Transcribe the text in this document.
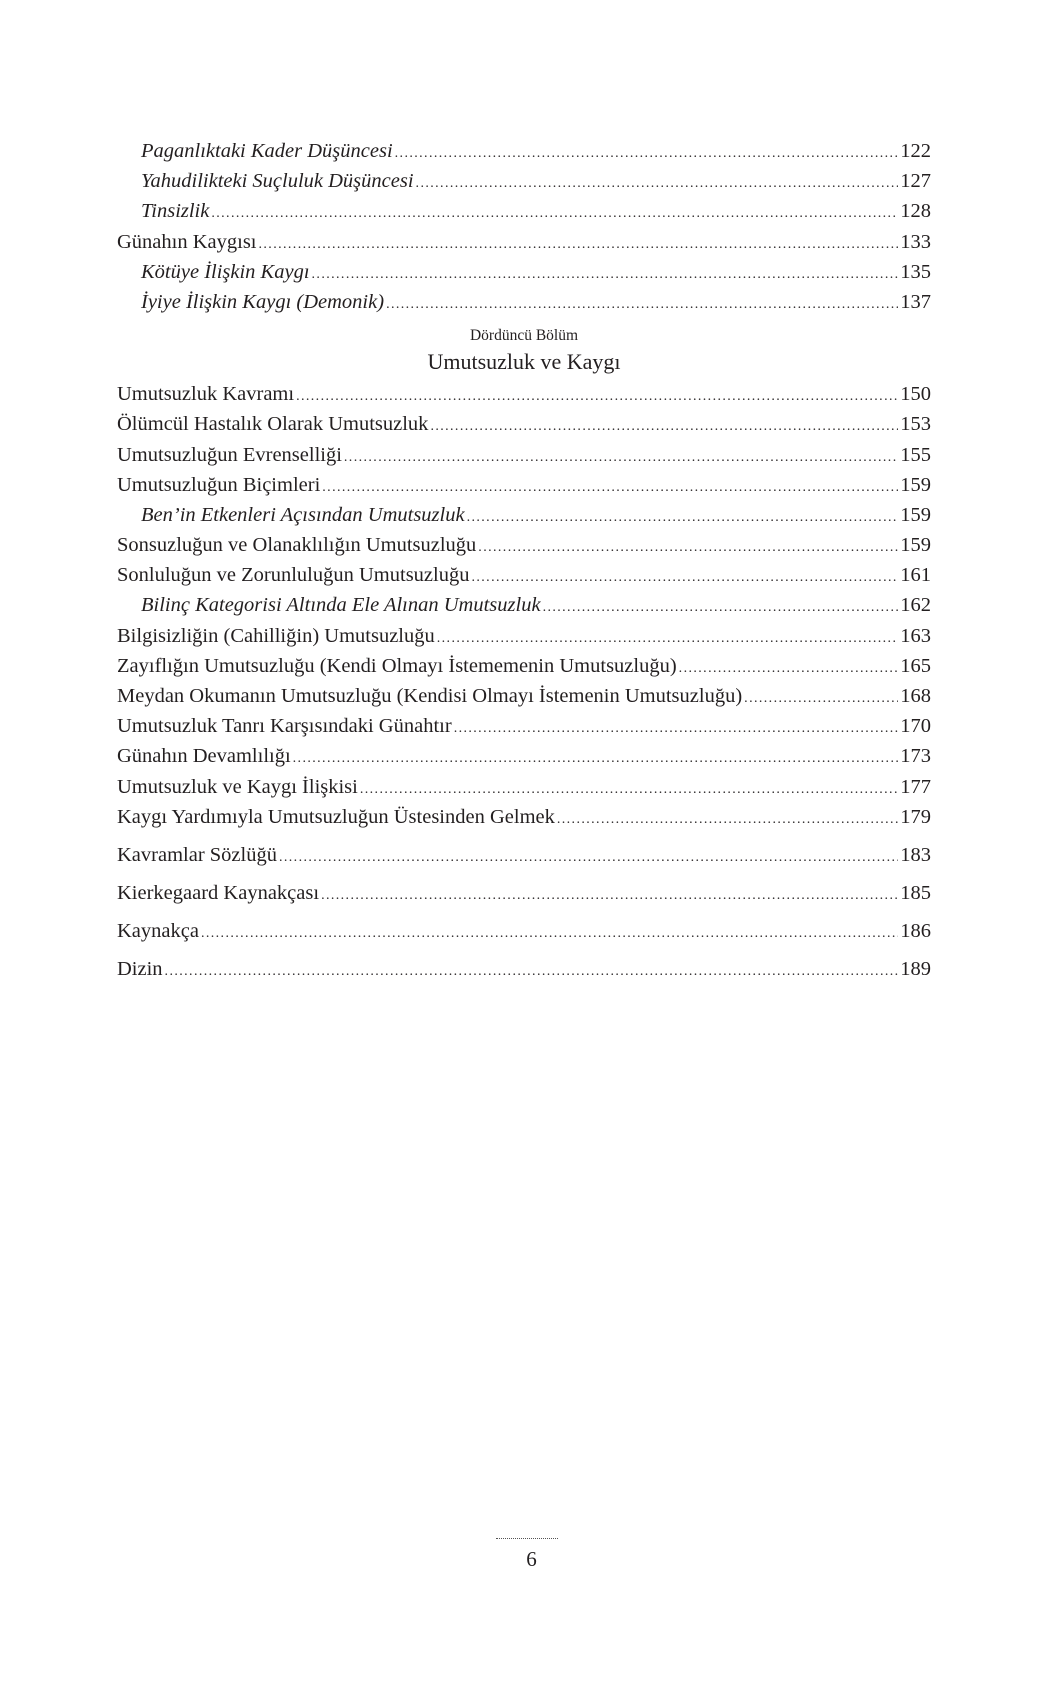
Paganlıktaki Kader Düşüncesi .....	122
Yahudilikteki Suçluluk Düşüncesi .....	127
Tinsizlik .....	128
Günahın Kaygısı .....	133
Kötüye İlişkin Kaygı .....	135
İyiye İlişkin Kaygı (Demonik) .....	137
Dördüncü Bölüm
Umutsuzluk ve Kaygı
Umutsuzluk Kavramı .....	150
Ölümcül Hastalık Olarak Umutsuzluk .....	153
Umutsuzluğun Evrenselliği .....	155
Umutsuzluğun Biçimleri .....	159
Ben’in Etkenleri Açısından Umutsuzluk .....	159
Sonsuzluğun ve Olanaklılığın Umutsuzluğu .....	159
Sonluluğun ve Zorunluluğun Umutsuzluğu .....	161
Bilinç Kategorisi Altında Ele Alınan Umutsuzluk .....	162
Bilgisizliğin (Cahilliğin) Umutsuzluğu .....	163
Zayıflığın Umutsuzluğu (Kendi Olmayı İstememenin Umutsuzluğu) .....	165
Meydan Okumanın Umutsuzluğu (Kendisi Olmayı İstemenin Umutsuzluğu) .....	168
Umutsuzluk Tanrı Karşısındaki Günahtır .....	170
Günahın Devamlılığı .....	173
Umutsuzluk ve Kaygı İlişkisi .....	177
Kaygı Yardımıyla Umutsuzluğun Üstesinden Gelmek .....	179
Kavramlar Sözlüğü .....	183
Kierkegaard Kaynakçası .....	185
Kaynakça .....	186
Dizin .....	189
6
